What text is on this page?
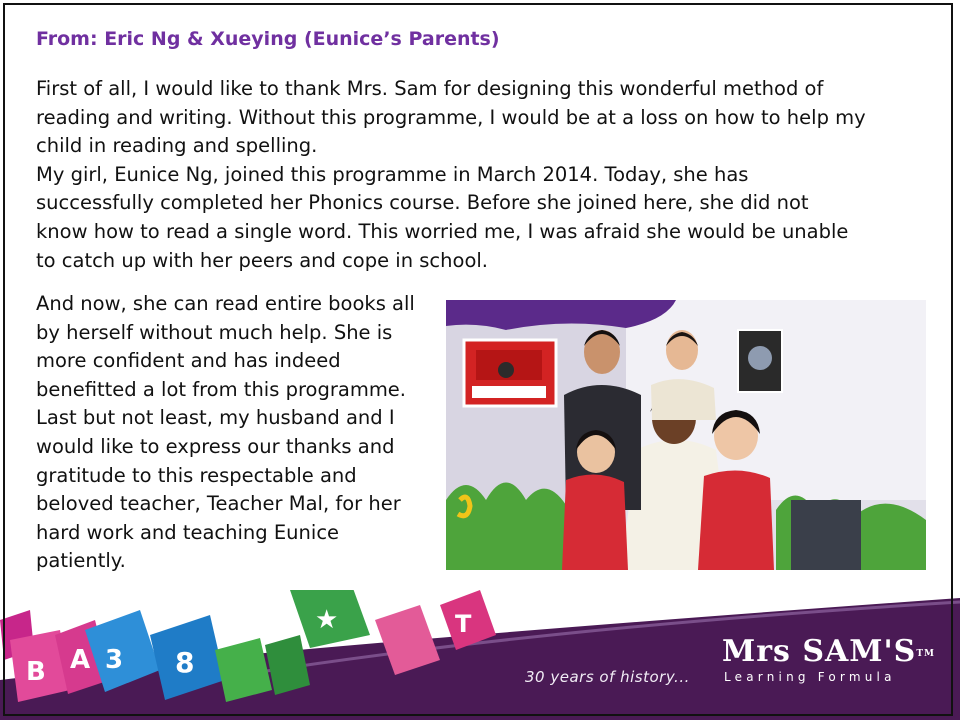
From: Eric Ng & Xueying (Eunice’s Parents)

First of all, I would like to thank Mrs. Sam for designing this wonderful method of reading and writing. Without this programme, I would be at a loss on how to help my child in reading and spelling.

My girl, Eunice Ng, joined this programme in March 2014. Today, she has successfully completed her Phonics course. Before she joined here, she did not know how to read a single word. This worried me, I was afraid she would be unable to catch up with her peers and cope in school.

And now, she can read entire books all by herself without much help. She is more confident and has indeed benefitted a lot from this programme.

Last but not least, my husband and I would like to express our thanks and gratitude to this respectable and beloved teacher, Teacher Mal, for her hard work and teaching Eunice patiently.

B A 3 8
★	T
30 years of history...
Mrs SAM'S™
Learning Formula
